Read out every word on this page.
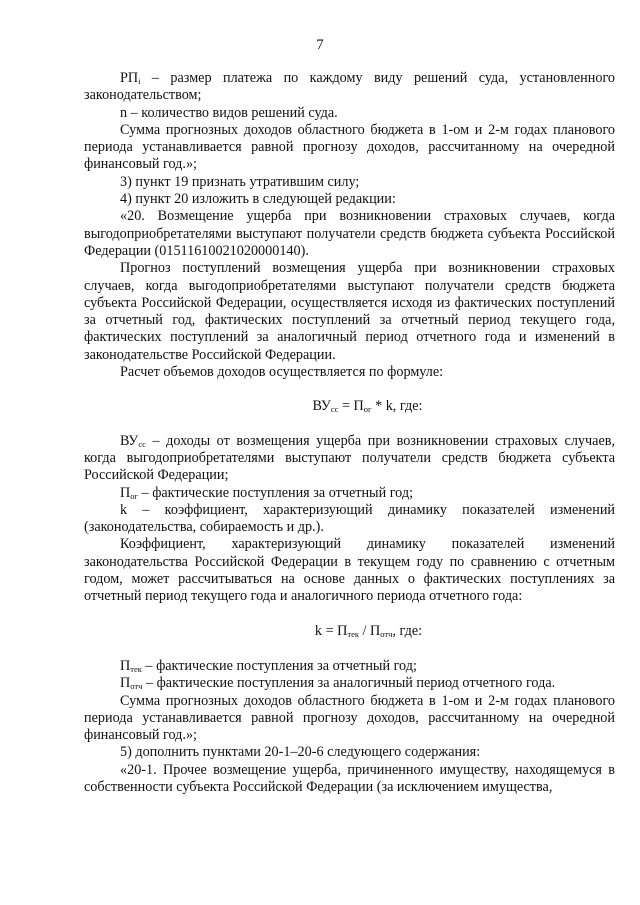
7

$РП_i$ – размер платежа по каждому виду решений суда, установленного законодательством;

n – количество видов решений суда.

Сумма прогнозных доходов областного бюджета в 1-ом и 2-м годах планового периода устанавливается равной прогнозу доходов, рассчитанному на очередной финансовый год.»;

3) пункт 19 признать утратившим силу;

4) пункт 20 изложить в следующей редакции:

«20. Возмещение ущерба при возникновении страховых случаев, когда выгодоприобретателями выступают получатели средств бюджета субъекта Российской Федерации (01511610021020000140).

Прогноз поступлений возмещения ущерба при возникновении страховых случаев, когда выгодоприобретателями выступают получатели средств бюджета субъекта Российской Федерации, осуществляется исходя из фактических поступлений за отчетный год, фактических поступлений за отчетный период текущего года, фактических поступлений за аналогичный период отчетного года и изменений в законодательстве Российской Федерации.

Расчет объемов доходов осуществляется по формуле:

$ВУ_{сс} = П_{ог} * k$, где:

$ВУ_{сс}$ – доходы от возмещения ущерба при возникновении страховых случаев, когда выгодоприобретателями выступают получатели средств бюджета субъекта Российской Федерации;

$П_{ог}$ – фактические поступления за отчетный год;

k – коэффициент, характеризующий динамику показателей изменений (законодательства, собираемость и др.).

Коэффициент, характеризующий динамику показателей изменений законодательства Российской Федерации в текущем году по сравнению с отчетным годом, может рассчитываться на основе данных о фактических поступлениях за отчетный период текущего года и аналогичного периода отчетного года:

$k = П_{тек} / П_{отч}$, где:

$П_{тек}$ – фактические поступления за отчетный год;

$П_{отч}$ – фактические поступления за аналогичный период отчетного года.

Сумма прогнозных доходов областного бюджета в 1-ом и 2-м годах планового периода устанавливается равной прогнозу доходов, рассчитанному на очередной финансовый год.»;

5) дополнить пунктами 20-1–20-6 следующего содержания:

«20-1. Прочее возмещение ущерба, причиненного имуществу, находящемуся в собственности субъекта Российской Федерации (за исключением имущества,
